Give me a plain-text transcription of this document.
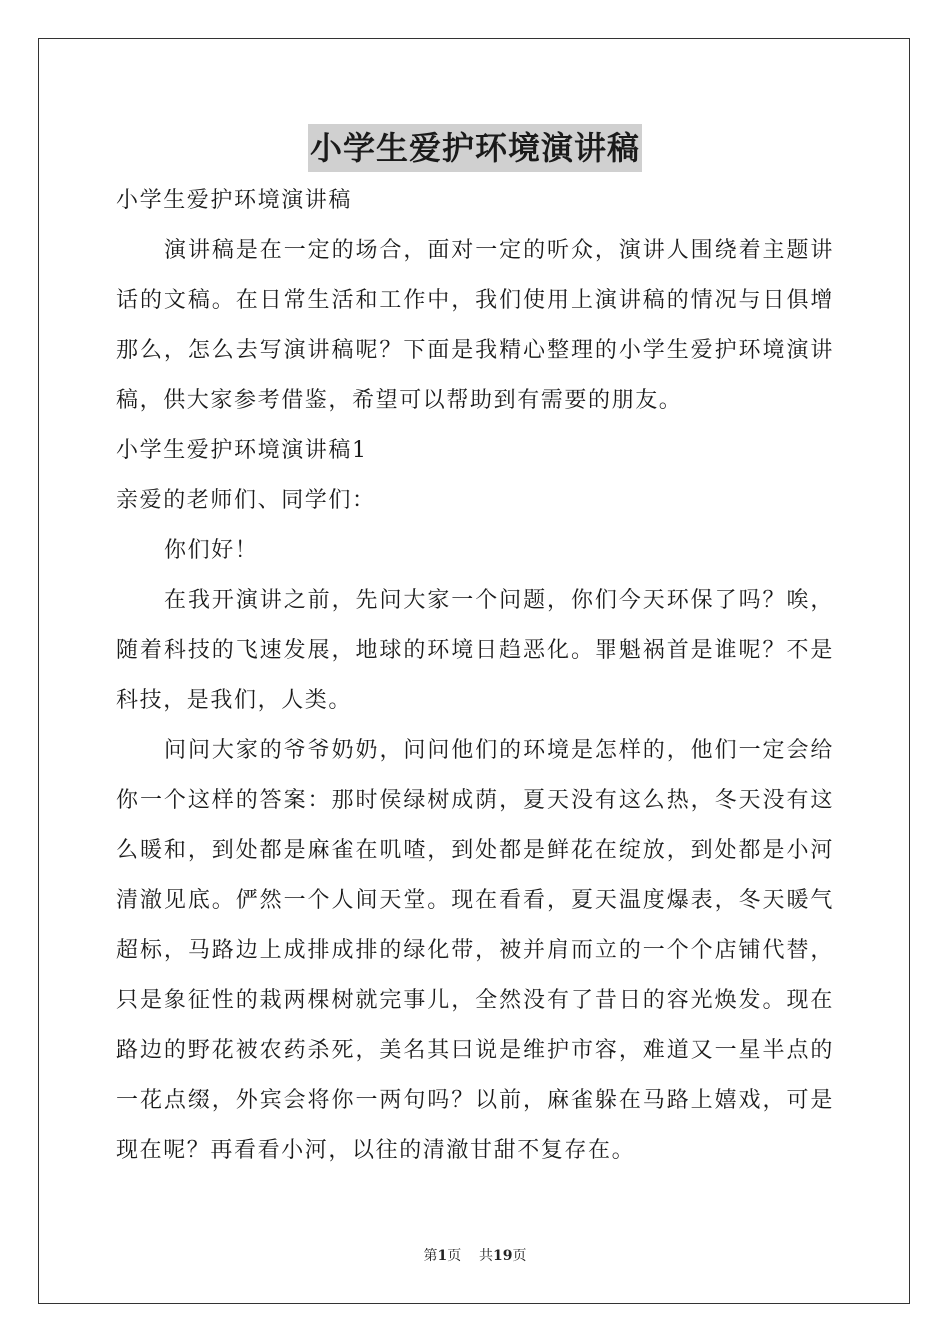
小学生爱护环境演讲稿

小学生爱护环境演讲稿

演讲稿是在一定的场合，面对一定的听众，演讲人围绕着主题讲话的文稿。在日常生活和工作中，我们使用上演讲稿的情况与日俱增那么，怎么去写演讲稿呢？下面是我精心整理的小学生爱护环境演讲稿，供大家参考借鉴，希望可以帮助到有需要的朋友。

小学生爱护环境演讲稿1

亲爱的老师们、同学们：

你们好！

在我开演讲之前，先问大家一个问题，你们今天环保了吗？唉，随着科技的飞速发展，地球的环境日趋恶化。罪魁祸首是谁呢？不是科技，是我们，人类。

问问大家的爷爷奶奶，问问他们的环境是怎样的，他们一定会给你一个这样的答案：那时侯绿树成荫，夏天没有这么热，冬天没有这么暖和，到处都是麻雀在叽喳，到处都是鲜花在绽放，到处都是小河清澈见底。俨然一个人间天堂。现在看看，夏天温度爆表，冬天暖气超标，马路边上成排成排的绿化带，被并肩而立的一个个店铺代替，只是象征性的栽两棵树就完事儿，全然没有了昔日的容光焕发。现在路边的野花被农药杀死，美名其曰说是维护市容，难道又一星半点的一花点缀，外宾会将你一两句吗？以前，麻雀躲在马路上嬉戏，可是现在呢？再看看小河，以往的清澈甘甜不复存在。

第1页 共19页
